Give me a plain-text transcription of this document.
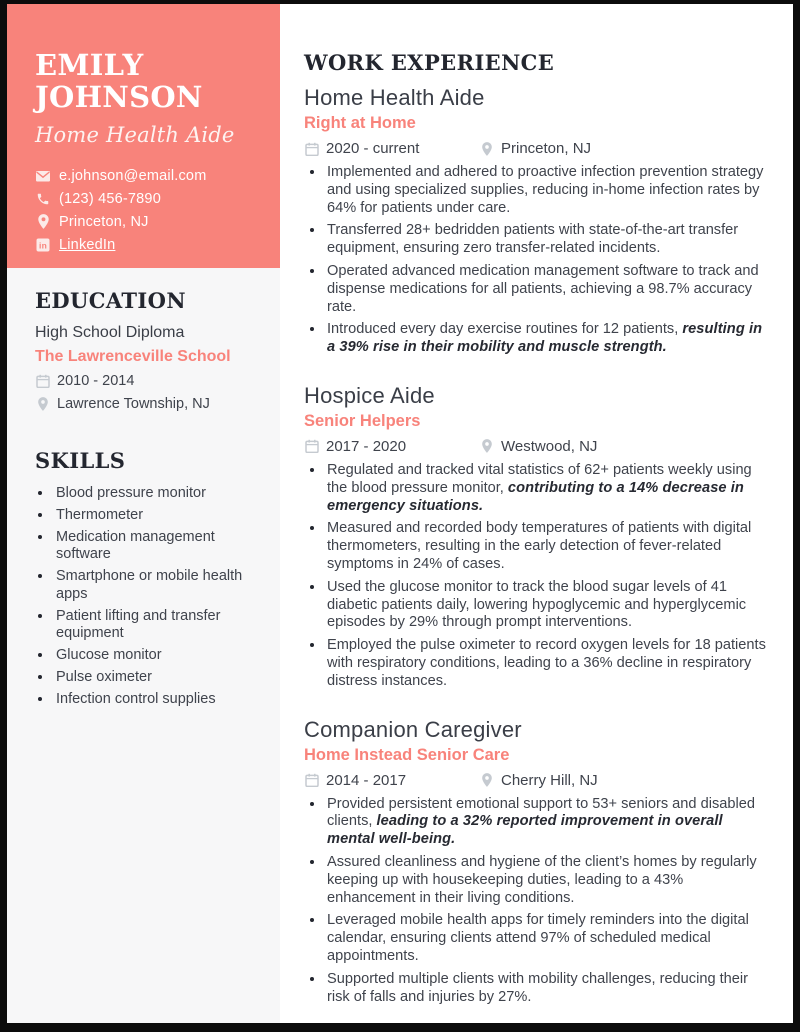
EMILY
JOHNSON
Home Health Aide
e.johnson@email.com
(123) 456-7890
Princeton, NJ
in LinkedIn
EDUCATION
High School Diploma
The Lawrenceville School
2010 - 2014
Lawrence Township, NJ
SKILLS
• Blood pressure monitor
• Thermometer
• Medication management software
• Smartphone or mobile health apps
• Patient lifting and transfer equipment
• Glucose monitor
• Pulse oximeter
• Infection control supplies
WORK EXPERIENCE
Home Health Aide
Right at Home
2020 - current	Princeton, NJ
• Implemented and adhered to proactive infection prevention strategy and using specialized supplies, reducing in-home infection rates by 64% for patients under care.
• Transferred 28+ bedridden patients with state-of-the-art transfer equipment, ensuring zero transfer-related incidents.
• Operated advanced medication management software to track and dispense medications for all patients, achieving a 98.7% accuracy rate.
• Introduced every day exercise routines for 12 patients, resulting in a 39% rise in their mobility and muscle strength.
Hospice Aide
Senior Helpers
2017 - 2020	Westwood, NJ
• Regulated and tracked vital statistics of 62+ patients weekly using the blood pressure monitor, contributing to a 14% decrease in emergency situations.
• Measured and recorded body temperatures of patients with digital thermometers, resulting in the early detection of fever-related symptoms in 24% of cases.
• Used the glucose monitor to track the blood sugar levels of 41 diabetic patients daily, lowering hypoglycemic and hyperglycemic episodes by 29% through prompt interventions.
• Employed the pulse oximeter to record oxygen levels for 18 patients with respiratory conditions, leading to a 36% decline in respiratory distress instances.
Companion Caregiver
Home Instead Senior Care
2014 - 2017	Cherry Hill, NJ
• Provided persistent emotional support to 53+ seniors and disabled clients, leading to a 32% reported improvement in overall mental well-being.
• Assured cleanliness and hygiene of the client’s homes by regularly keeping up with housekeeping duties, leading to a 43% enhancement in their living conditions.
• Leveraged mobile health apps for timely reminders into the digital calendar, ensuring clients attend 97% of scheduled medical appointments.
• Supported multiple clients with mobility challenges, reducing their risk of falls and injuries by 27%.
